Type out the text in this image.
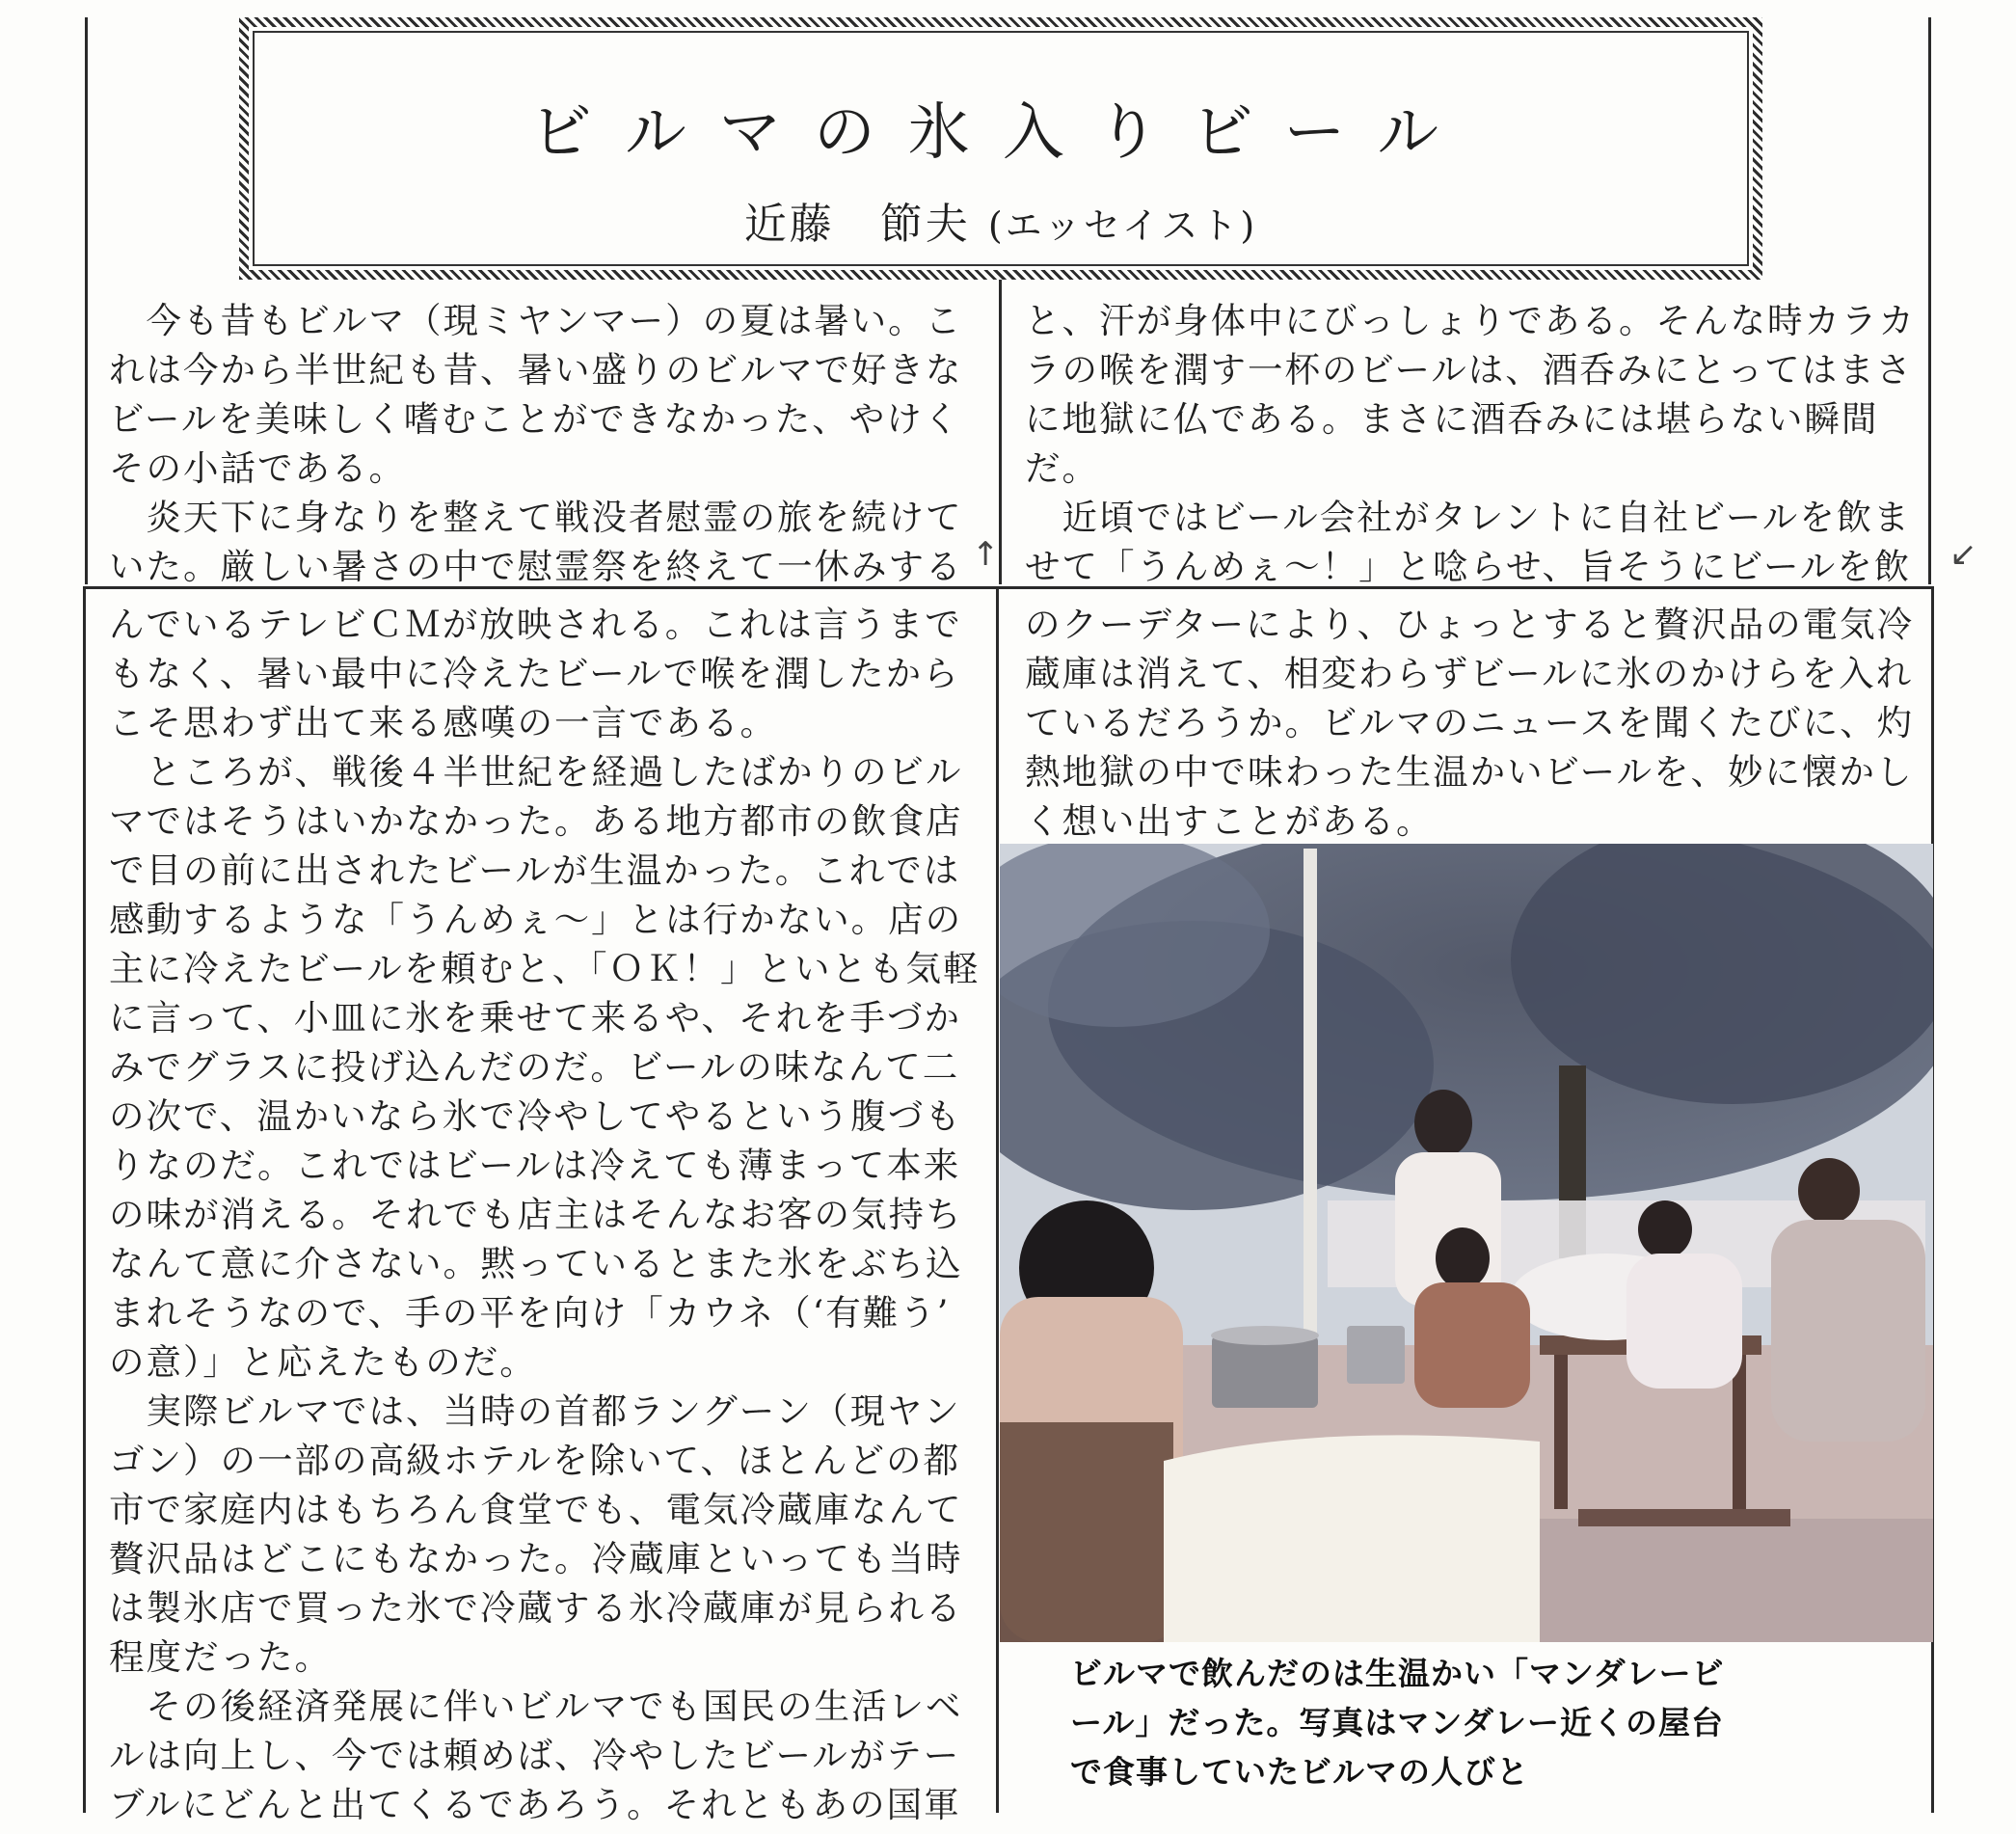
ビルマの氷入りビール
近藤　節夫 (エッセイスト)
　今も昔もビルマ（現ミヤンマー）の夏は暑い。こ
れは今から半世紀も昔、暑い盛りのビルマで好きな
ビールを美味しく嗜むことができなかった、やけく
その小話である。
　炎天下に身なりを整えて戦没者慰霊の旅を続けて
いた。厳しい暑さの中で慰霊祭を終えて一休みする
と、汗が身体中にびっしょりである。そんな時カラカ
ラの喉を潤す一杯のビールは、酒呑みにとってはまさ
に地獄に仏である。まさに酒呑みには堪らない瞬間
だ。
　近頃ではビール会社がタレントに自社ビールを飲ま
せて「うんめぇ～！」と唸らせ、旨そうにビールを飲
んでいるテレビＣＭが放映される。これは言うまで
もなく、暑い最中に冷えたビールで喉を潤したから
こそ思わず出て来る感嘆の一言である。
　ところが、戦後４半世紀を経過したばかりのビル
マではそうはいかなかった。ある地方都市の飲食店
で目の前に出されたビールが生温かった。これでは
感動するような「うんめぇ～」とは行かない。店の
主に冷えたビールを頼むと、「ＯＫ！」といとも気軽
に言って、小皿に氷を乗せて来るや、それを手づか
みでグラスに投げ込んだのだ。ビールの味なんて二
の次で、温かいなら氷で冷やしてやるという腹づも
りなのだ。これではビールは冷えても薄まって本来
の味が消える。それでも店主はそんなお客の気持ち
なんて意に介さない。黙っているとまた氷をぶち込
まれそうなので、手の平を向け「カウネ（‘有難う’
の意）」と応えたものだ。
　実際ビルマでは、当時の首都ラングーン（現ヤン
ゴン）の一部の高級ホテルを除いて、ほとんどの都
市で家庭内はもちろん食堂でも、電気冷蔵庫なんて
贅沢品はどこにもなかった。冷蔵庫といっても当時
は製氷店で買った氷で冷蔵する氷冷蔵庫が見られる
程度だった。
　その後経済発展に伴いビルマでも国民の生活レベ
ルは向上し、今では頼めば、冷やしたビールがテー
ブルにどんと出てくるであろう。それともあの国軍
のクーデターにより、ひょっとすると贅沢品の電気冷
蔵庫は消えて、相変わらずビールに氷のかけらを入れ
ているだろうか。ビルマのニュースを聞くたびに、灼
熱地獄の中で味わった生温かいビールを、妙に懐かし
く想い出すことがある。
↑	↙
ビルマで飲んだのは生温かい「マンダレービ
ール」だった。写真はマンダレー近くの屋台
で食事していたビルマの人びと
